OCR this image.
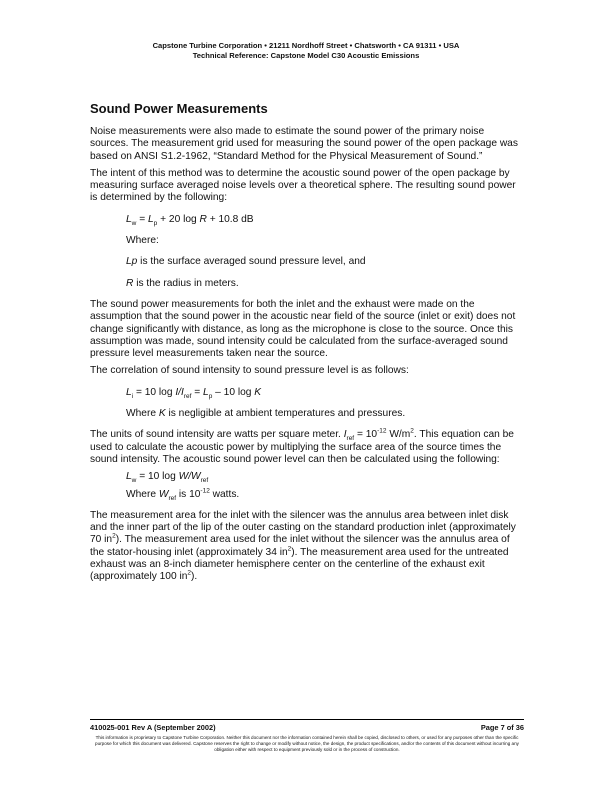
Capstone Turbine Corporation • 21211 Nordhoff Street • Chatsworth • CA 91311 • USA
Technical Reference: Capstone Model C30 Acoustic Emissions
Sound Power Measurements

Noise measurements were also made to estimate the sound power of the primary noise sources. The measurement grid used for measuring the sound power of the open package was based on ANSI S1.2-1962, “Standard Method for the Physical Measurement of Sound.”

The intent of this method was to determine the acoustic sound power of the open package by measuring surface averaged noise levels over a theoretical sphere. The resulting sound power is determined by the following:

$L_w = L_p + 20$ log R + 10.8 dB

Where:

Lp is the surface averaged sound pressure level, and

R is the radius in meters.

The sound power measurements for both the inlet and the exhaust were made on the assumption that the sound power in the acoustic near field of the source (inlet or exit) does not change significantly with distance, as long as the microphone is close to the source. Once this assumption was made, sound intensity could be calculated from the surface-averaged sound pressure level measurements taken near the source.

The correlation of sound intensity to sound pressure level is as follows:

$L_i = 10$ $\log I/I_{ref} = L_p - 10$ log K

Where K is negligible at ambient temperatures and pressures.

The units of sound intensity are watts per square meter. $I_{ref} = 10^{-12}$ $W/m^2$. This equation can be used to calculate the acoustic power by multiplying the surface area of the source times the sound intensity. The acoustic sound power level can then be calculated using the following:

$L_w = 10$ $\log W/W_{ref}$

Where $W_{ref}$ is $10^{-12}$ watts.

The measurement area for the inlet with the silencer was the annulus area between inlet disk and the inner part of the lip of the outer casting on the standard production inlet (approximately 70 $in^2$). The measurement area used for the inlet without the silencer was the annulus area of the stator-housing inlet (approximately 34 $in^2$). The measurement area used for the untreated exhaust was an 8-inch diameter hemisphere center on the centerline of the exhaust exit (approximately 100 $in^2$).

410025-001 Rev A (September 2002)	Page 7 of 36
This information is proprietary to Capstone Turbine Corporation. Neither this document nor the information contained herein shall be copied, disclosed to others, or used for any purposes other than the specific purpose for which this document was delivered. Capstone reserves the right to change or modify without notice, the design, the product specifications, and/or the contents of this document without incurring any obligation either with respect to equipment previously sold or in the process of construction.
